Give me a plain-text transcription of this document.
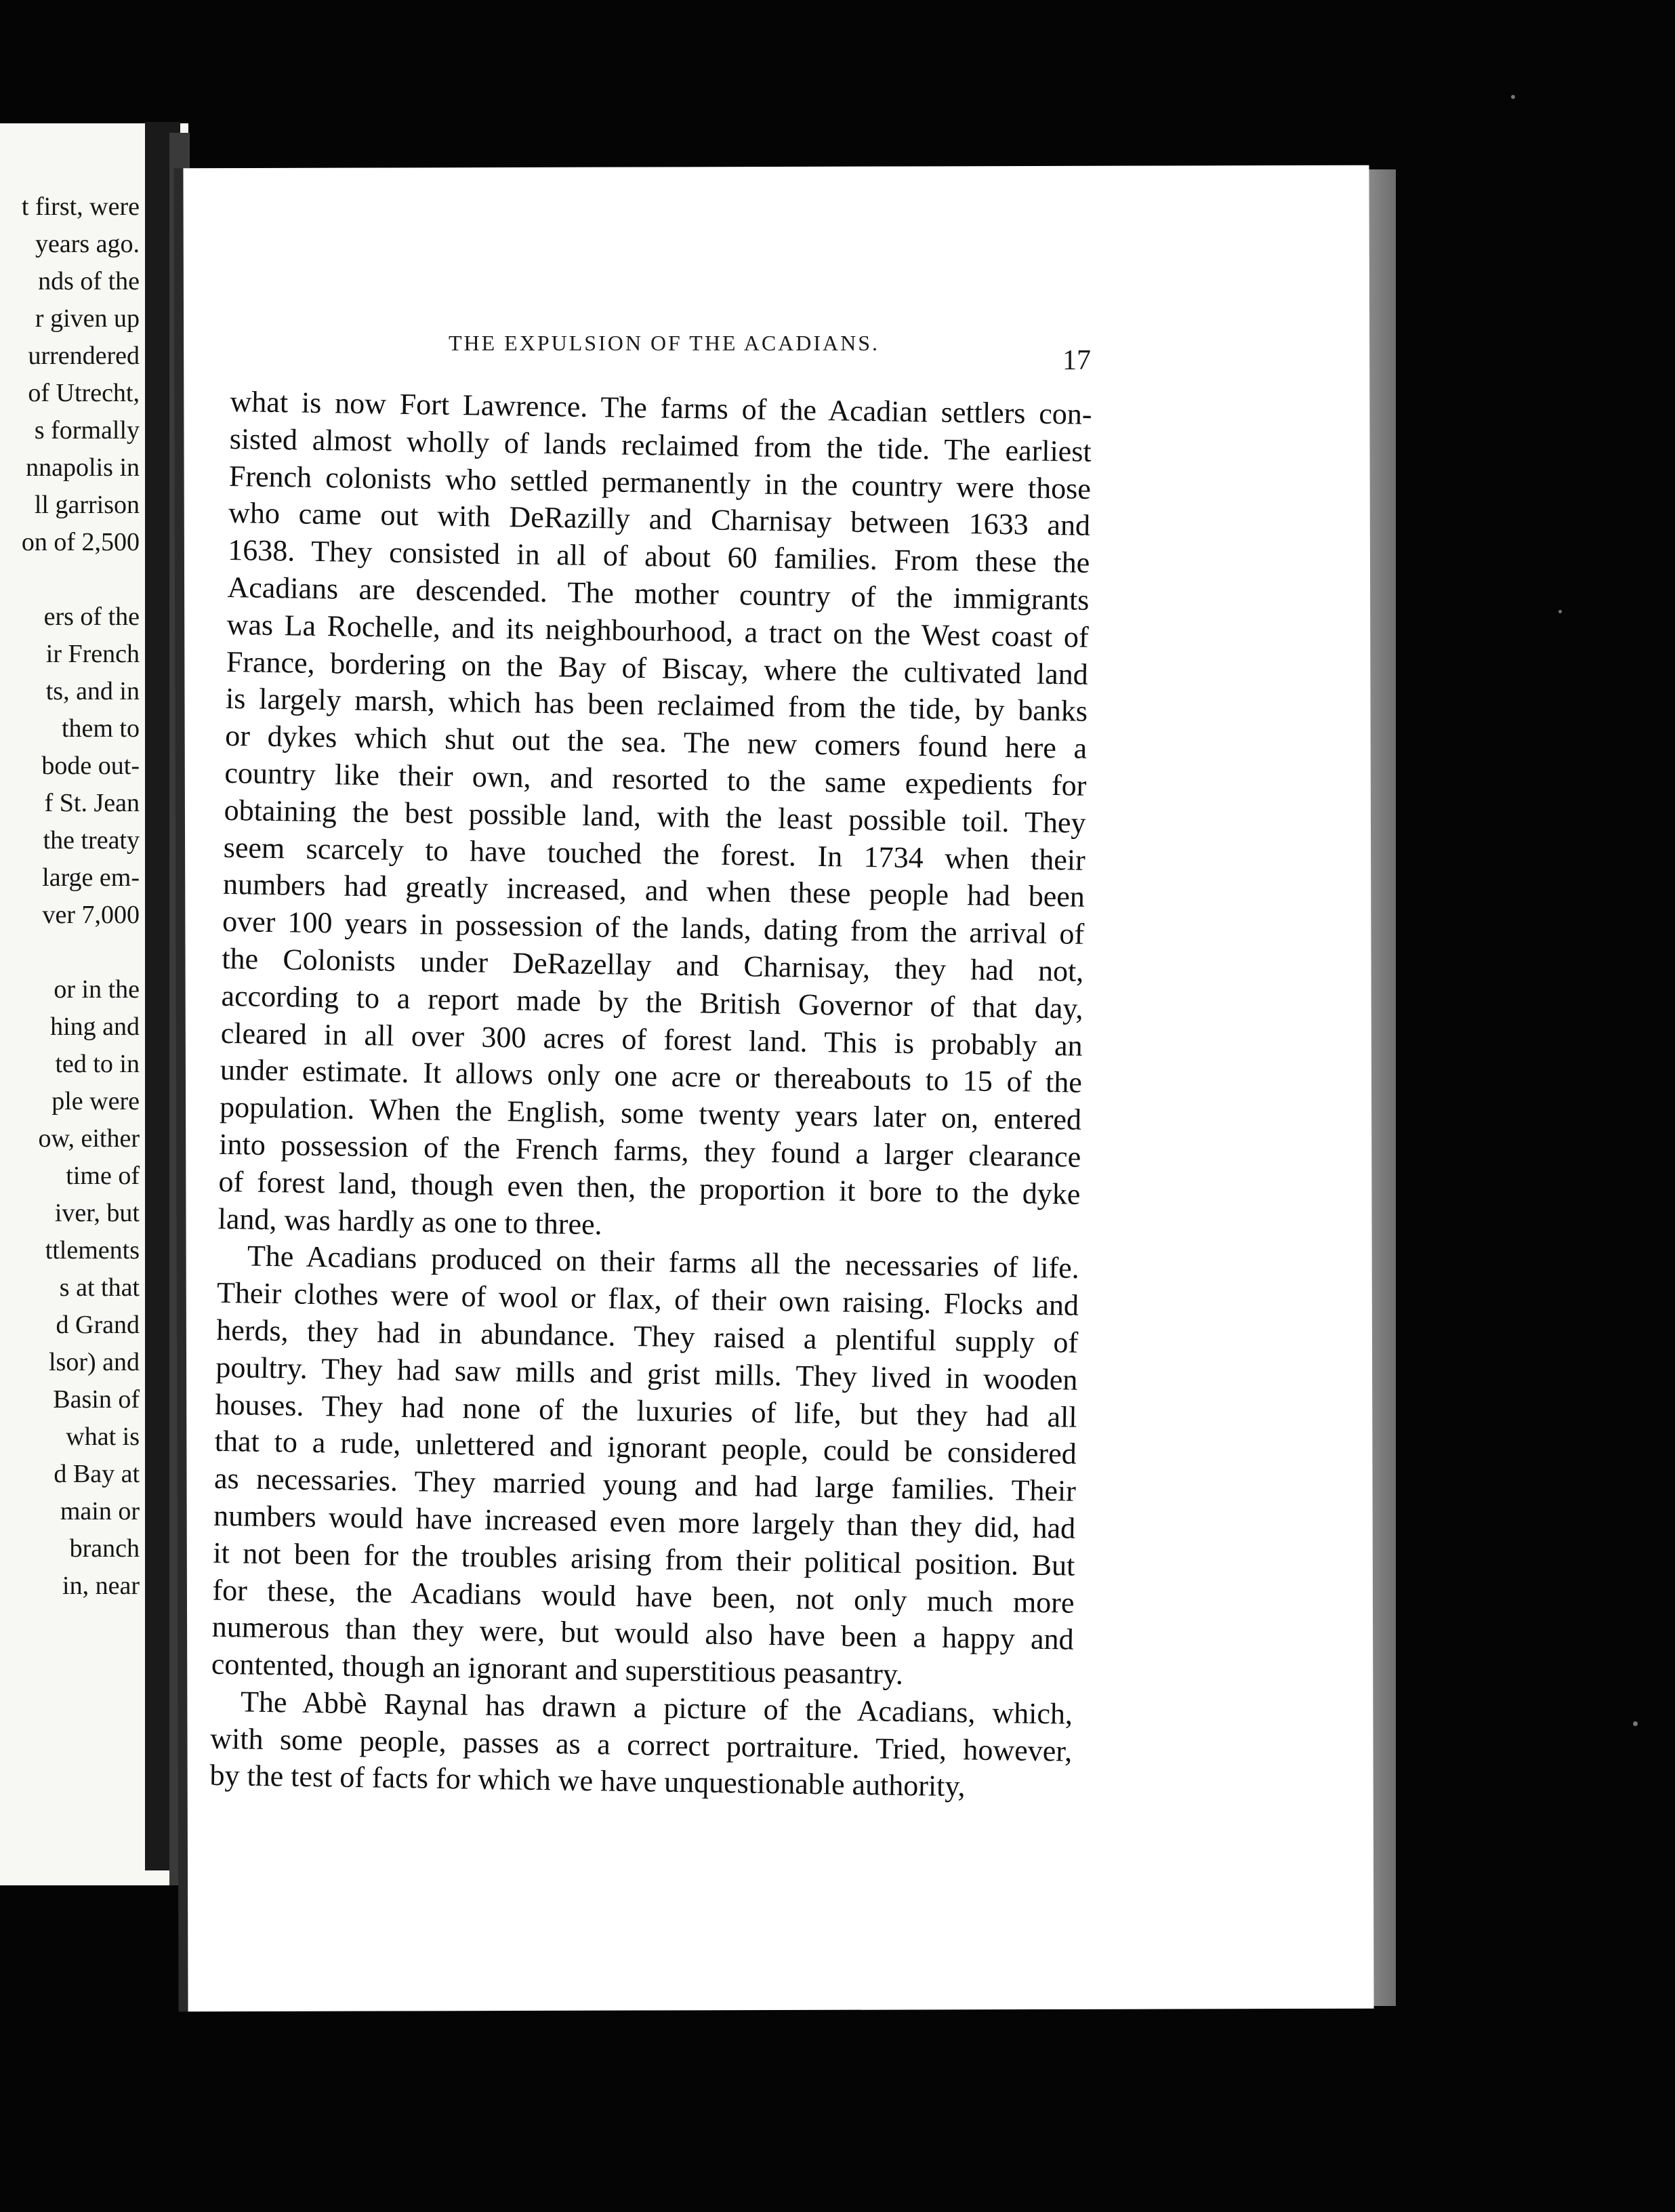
t first, were

years ago.

nds of the

r given up

urrendered

of Utrecht,

s formally

nnapolis in

ll garrison

on of 2,500

ers of the

ir French

ts, and in

them to

bode out-

f St. Jean

the treaty

large em-

ver 7,000

or in the

hing and

ted to in

ple were

ow, either

time of

iver, but

ttlements

s at that

d Grand

lsor) and

Basin of

what is

d Bay at

main or

branch

in, near

THE EXPULSION OF THE ACADIANS.

17

what is now Fort Lawrence. The farms of the Acadian settlers con-

sisted almost wholly of lands reclaimed from the tide. The earliest

French colonists who settled permanently in the country were those

who came out with DeRazilly and Charnisay between 1633 and

1638. They consisted in all of about 60 families. From these the

Acadians are descended. The mother country of the immigrants

was La Rochelle, and its neighbourhood, a tract on the West coast of

France, bordering on the Bay of Biscay, where the cultivated land

is largely marsh, which has been reclaimed from the tide, by banks

or dykes which shut out the sea. The new comers found here a

country like their own, and resorted to the same expedients for

obtaining the best possible land, with the least possible toil. They

seem scarcely to have touched the forest. In 1734 when their

numbers had greatly increased, and when these people had been

over 100 years in possession of the lands, dating from the arrival of

the Colonists under DeRazellay and Charnisay, they had not,

according to a report made by the British Governor of that day,

cleared in all over 300 acres of forest land. This is probably an

under estimate. It allows only one acre or thereabouts to 15 of the

population. When the English, some twenty years later on, entered

into possession of the French farms, they found a larger clearance

of forest land, though even then, the proportion it bore to the dyke

land, was hardly as one to three.

The Acadians produced on their farms all the necessaries of life.

Their clothes were of wool or flax, of their own raising. Flocks and

herds, they had in abundance. They raised a plentiful supply of

poultry. They had saw mills and grist mills. They lived in wooden

houses. They had none of the luxuries of life, but they had all

that to a rude, unlettered and ignorant people, could be considered

as necessaries. They married young and had large families. Their

numbers would have increased even more largely than they did, had

it not been for the troubles arising from their political position. But

for these, the Acadians would have been, not only much more

numerous than they were, but would also have been a happy and

contented, though an ignorant and superstitious peasantry.

The Abbè Raynal has drawn a picture of the Acadians, which,

with some people, passes as a correct portraiture. Tried, however,

by the test of facts for which we have unquestionable authority,
